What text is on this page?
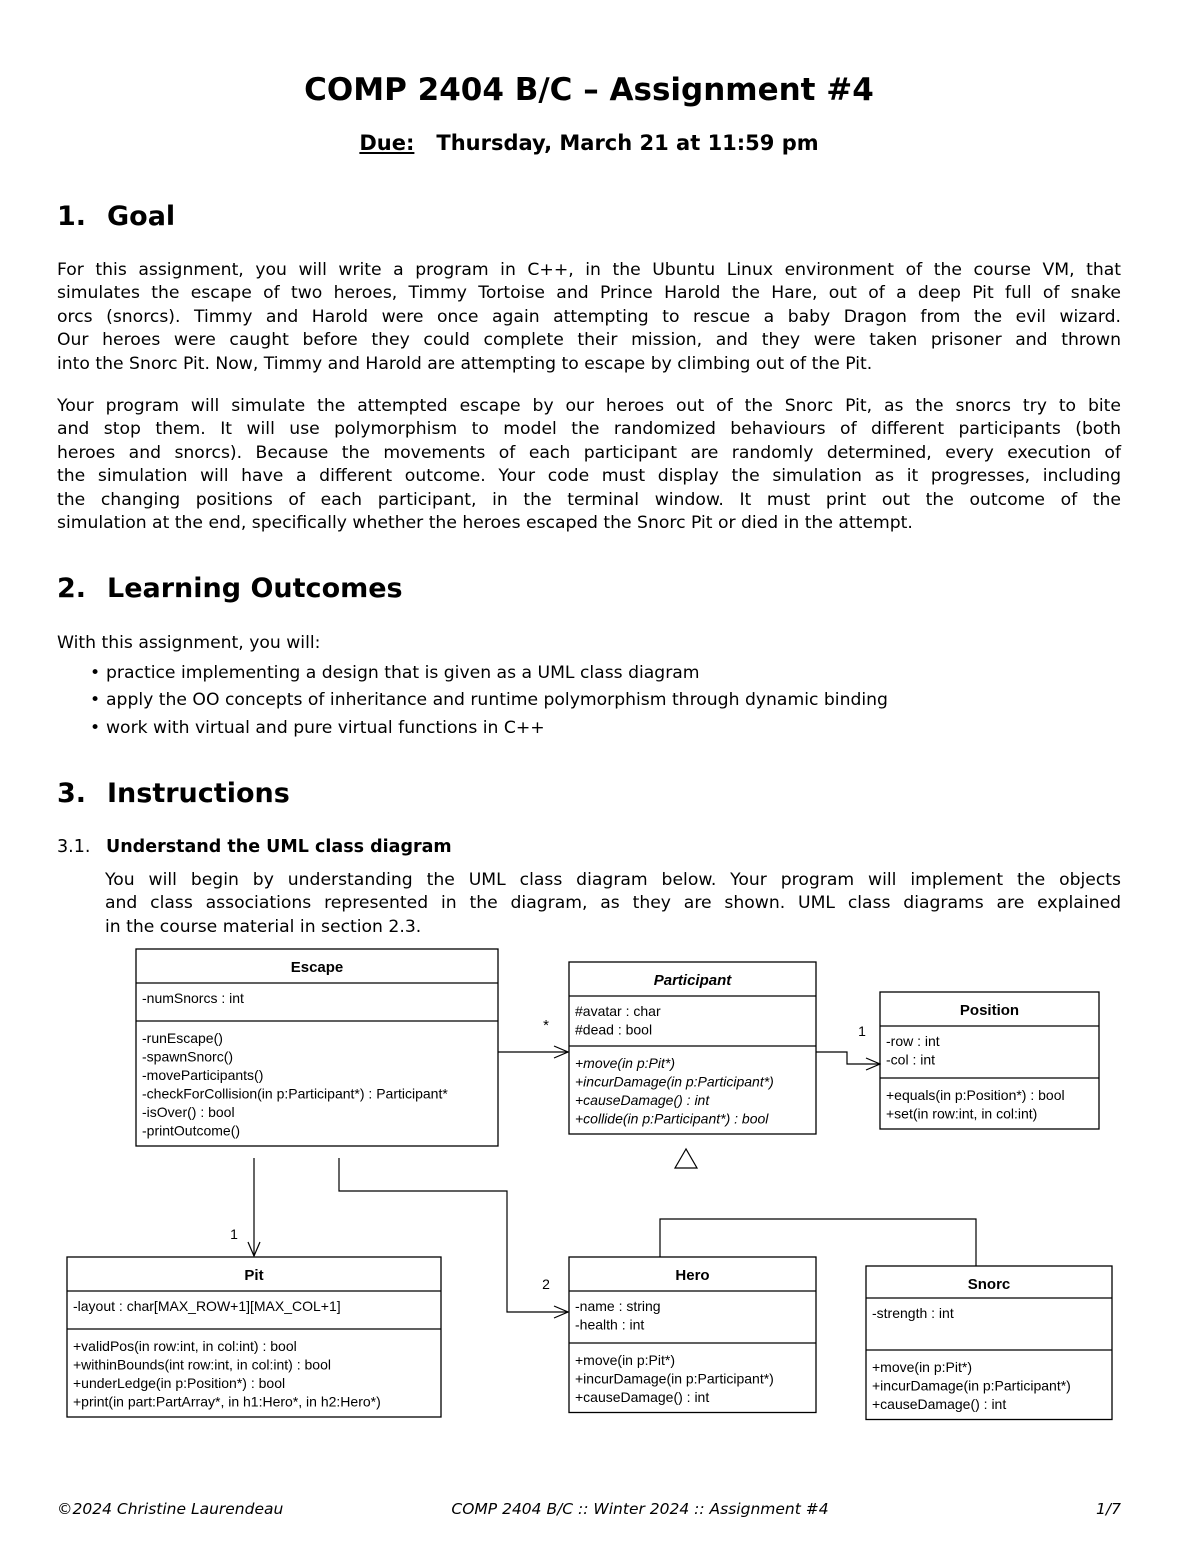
COMP 2404 B/C – Assignment #4
Due: Thursday, March 21 at 11:59 pm
1. Goal
For this assignment, you will write a program in C++, in the Ubuntu Linux environment of the course VM, that
simulates the escape of two heroes, Timmy Tortoise and Prince Harold the Hare, out of a deep Pit full of snake
orcs (snorcs). Timmy and Harold were once again attempting to rescue a baby Dragon from the evil wizard.
Our heroes were caught before they could complete their mission, and they were taken prisoner and thrown
into the Snorc Pit. Now, Timmy and Harold are attempting to escape by climbing out of the Pit.
Your program will simulate the attempted escape by our heroes out of the Snorc Pit, as the snorcs try to bite
and stop them. It will use polymorphism to model the randomized behaviours of different participants (both
heroes and snorcs). Because the movements of each participant are randomly determined, every execution of
the simulation will have a different outcome. Your code must display the simulation as it progresses, including
the changing positions of each participant, in the terminal window. It must print out the outcome of the
simulation at the end, specifically whether the heroes escaped the Snorc Pit or died in the attempt.
2. Learning Outcomes
With this assignment, you will:
• practice implementing a design that is given as a UML class diagram
• apply the OO concepts of inheritance and runtime polymorphism through dynamic binding
• work with virtual and pure virtual functions in C++
3. Instructions
3.1. Understand the UML class diagram
You will begin by understanding the UML class diagram below. Your program will implement the objects
and class associations represented in the diagram, as they are shown. UML class diagrams are explained
in the course material in section 2.3.
Escape
-numSnorcs : int
-runEscape()
-spawnSnorc()
-moveParticipants()
-checkForCollision(in p:Participant*) : Participant*
-isOver() : bool
-printOutcome()
Participant
#avatar : char
#dead : bool
+move(in p:Pit*)
+incurDamage(in p:Participant*)
+causeDamage() : int
+collide(in p:Participant*) : bool
Position
-row : int
-col : int
+equals(in p:Position*) : bool
+set(in row:int, in col:int)
Pit
-layout : char[MAX_ROW+1][MAX_COL+1]
+validPos(in row:int, in col:int) : bool
+withinBounds(int row:int, in col:int) : bool
+underLedge(in p:Position*) : bool
+print(in part:PartArray*, in h1:Hero*, in h2:Hero*)
Hero
-name : string
-health : int
+move(in p:Pit*)
+incurDamage(in p:Participant*)
+causeDamage() : int
Snorc
-strength : int
+move(in p:Pit*)
+incurDamage(in p:Participant*)
+causeDamage() : int
*	1
1
2
©2024 Christine Laurendeau	COMP 2404 B/C :: Winter 2024 :: Assignment #4	1/7
